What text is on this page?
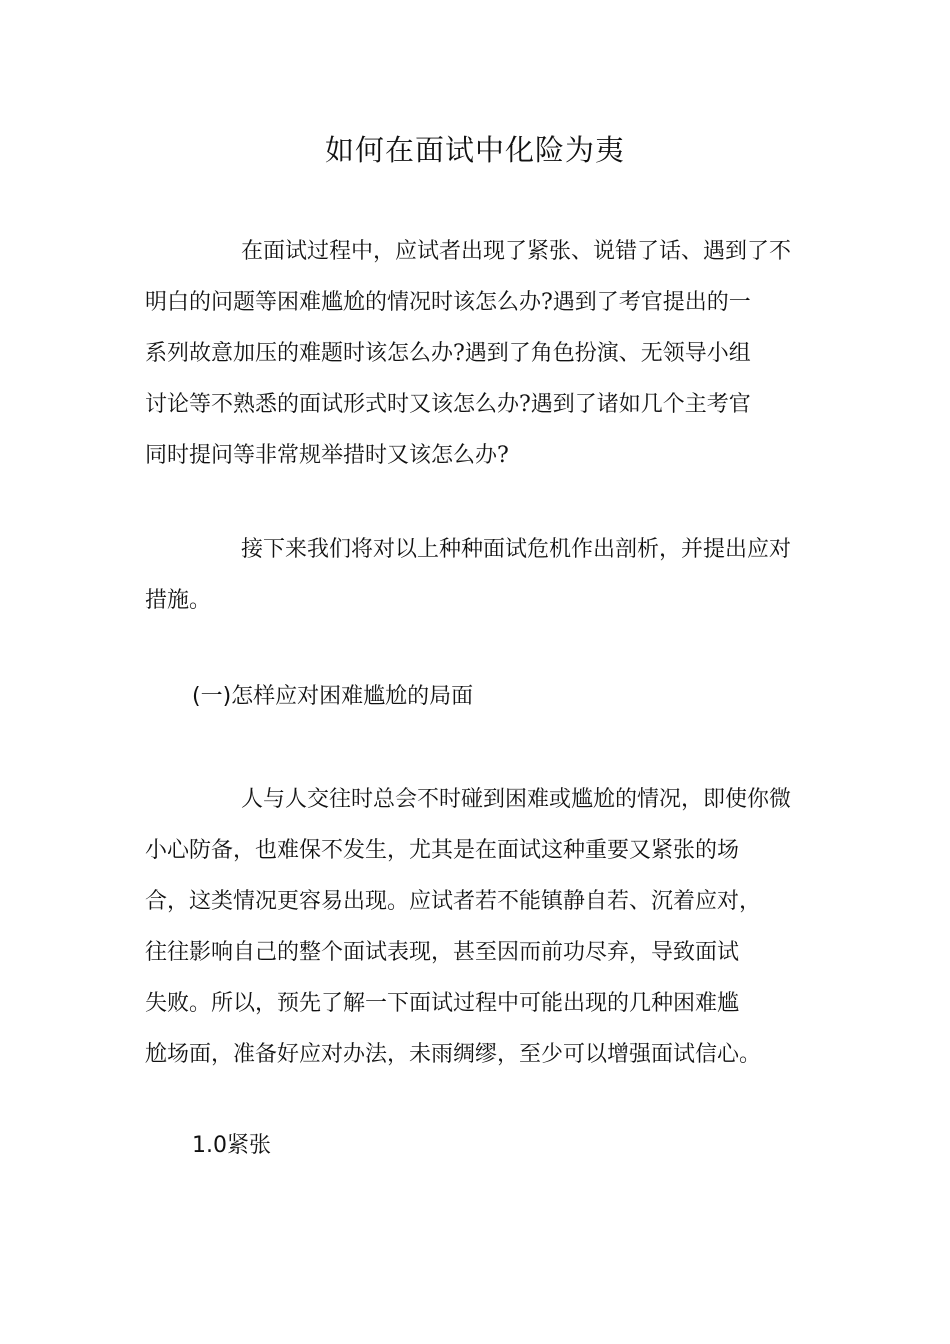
如何在面试中化险为夷
在面试过程中，应试者出现了紧张、说错了话、遇到了不
明白的问题等困难尴尬的情况时该怎么办?遇到了考官提出的一
系列故意加压的难题时该怎么办?遇到了角色扮演、无领导小组
讨论等不熟悉的面试形式时又该怎么办?遇到了诸如几个主考官
同时提问等非常规举措时又该怎么办?
接下来我们将对以上种种面试危机作出剖析，并提出应对
措施。
(一)怎样应对困难尴尬的局面
人与人交往时总会不时碰到困难或尴尬的情况，即使你微
小心防备，也难保不发生，尤其是在面试这种重要又紧张的场
合，这类情况更容易出现。应试者若不能镇静自若、沉着应对，
往往影响自己的整个面试表现，甚至因而前功尽弃，导致面试
失败。所以，预先了解一下面试过程中可能出现的几种困难尴
尬场面，准备好应对办法，未雨绸缪，至少可以增强面试信心。
1.0紧张
